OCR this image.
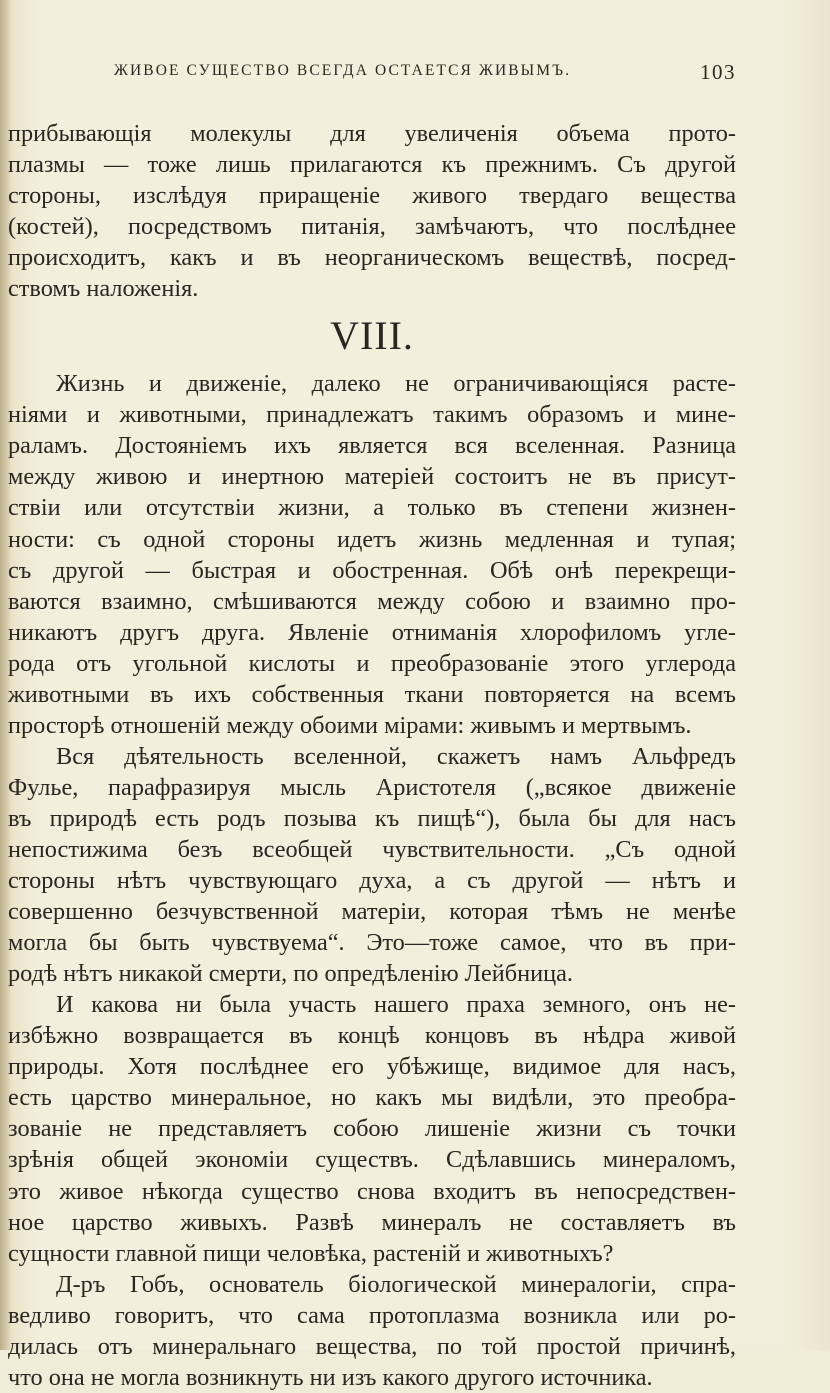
ЖИВОЕ СУЩЕСТВО ВСЕГДА ОСТАЕТСЯ ЖИВЫМЪ.	103
прибывающія молекулы для увеличенія объема прото-
плазмы — тоже лишь прилагаются къ прежнимъ. Съ другой
стороны, изслѣдуя приращеніе живого твердаго вещества
(костей), посредствомъ питанія, замѣчаютъ, что послѣднее
происходитъ, какъ и въ неорганическомъ веществѣ, посред-
ствомъ наложенія.
VIII.
Жизнь и движеніе, далеко не ограничивающіяся расте-
ніями и животными, принадлежатъ такимъ образомъ и мине-
раламъ. Достояніемъ ихъ является вся вселенная. Разница
между живою и инертною матеріей состоитъ не въ присут-
ствіи или отсутствіи жизни, а только въ степени жизнен-
ности: съ одной стороны идетъ жизнь медленная и тупая;
съ другой — быстрая и обостренная. Обѣ онѣ перекрещи-
ваются взаимно, смѣшиваются между собою и взаимно про-
никаютъ другъ друга. Явленіе отниманія хлорофиломъ угле-
рода отъ угольной кислоты и преобразованіе этого углерода
животными въ ихъ собственныя ткани повторяется на всемъ
просторѣ отношеній между обоими мірами: живымъ и мертвымъ.
Вся дѣятельность вселенной, скажетъ намъ Альфредъ
Фулье, парафразируя мысль Аристотеля („всякое движеніе
въ природѣ есть родъ позыва къ пищѣ“), была бы для насъ
непостижима безъ всеобщей чувствительности. „Съ одной
стороны нѣтъ чувствующаго духа, а съ другой — нѣтъ и
совершенно безчувственной матеріи, которая тѣмъ не менѣе
могла бы быть чувствуема“. Это—тоже самое, что въ при-
родѣ нѣтъ никакой смерти, по опредѣленію Лейбница.
И какова ни была участь нашего праха земного, онъ не-
избѣжно возвращается въ концѣ концовъ въ нѣдра живой
природы. Хотя послѣднее его убѣжище, видимое для насъ,
есть царство минеральное, но какъ мы видѣли, это преобра-
зованіе не представляетъ собою лишеніе жизни съ точки
зрѣнія общей экономіи существъ. Сдѣлавшись минераломъ,
это живое нѣкогда существо снова входитъ въ непосредствен-
ное царство живыхъ. Развѣ минералъ не составляетъ въ
сущности главной пищи человѣка, растеній и животныхъ?
Д-ръ Гобъ, основатель біологической минералогіи, спра-
ведливо говоритъ, что сама протоплазма возникла или ро-
дилась отъ минеральнаго вещества, по той простой причинѣ,
что она не могла возникнуть ни изъ какого другого источника.
